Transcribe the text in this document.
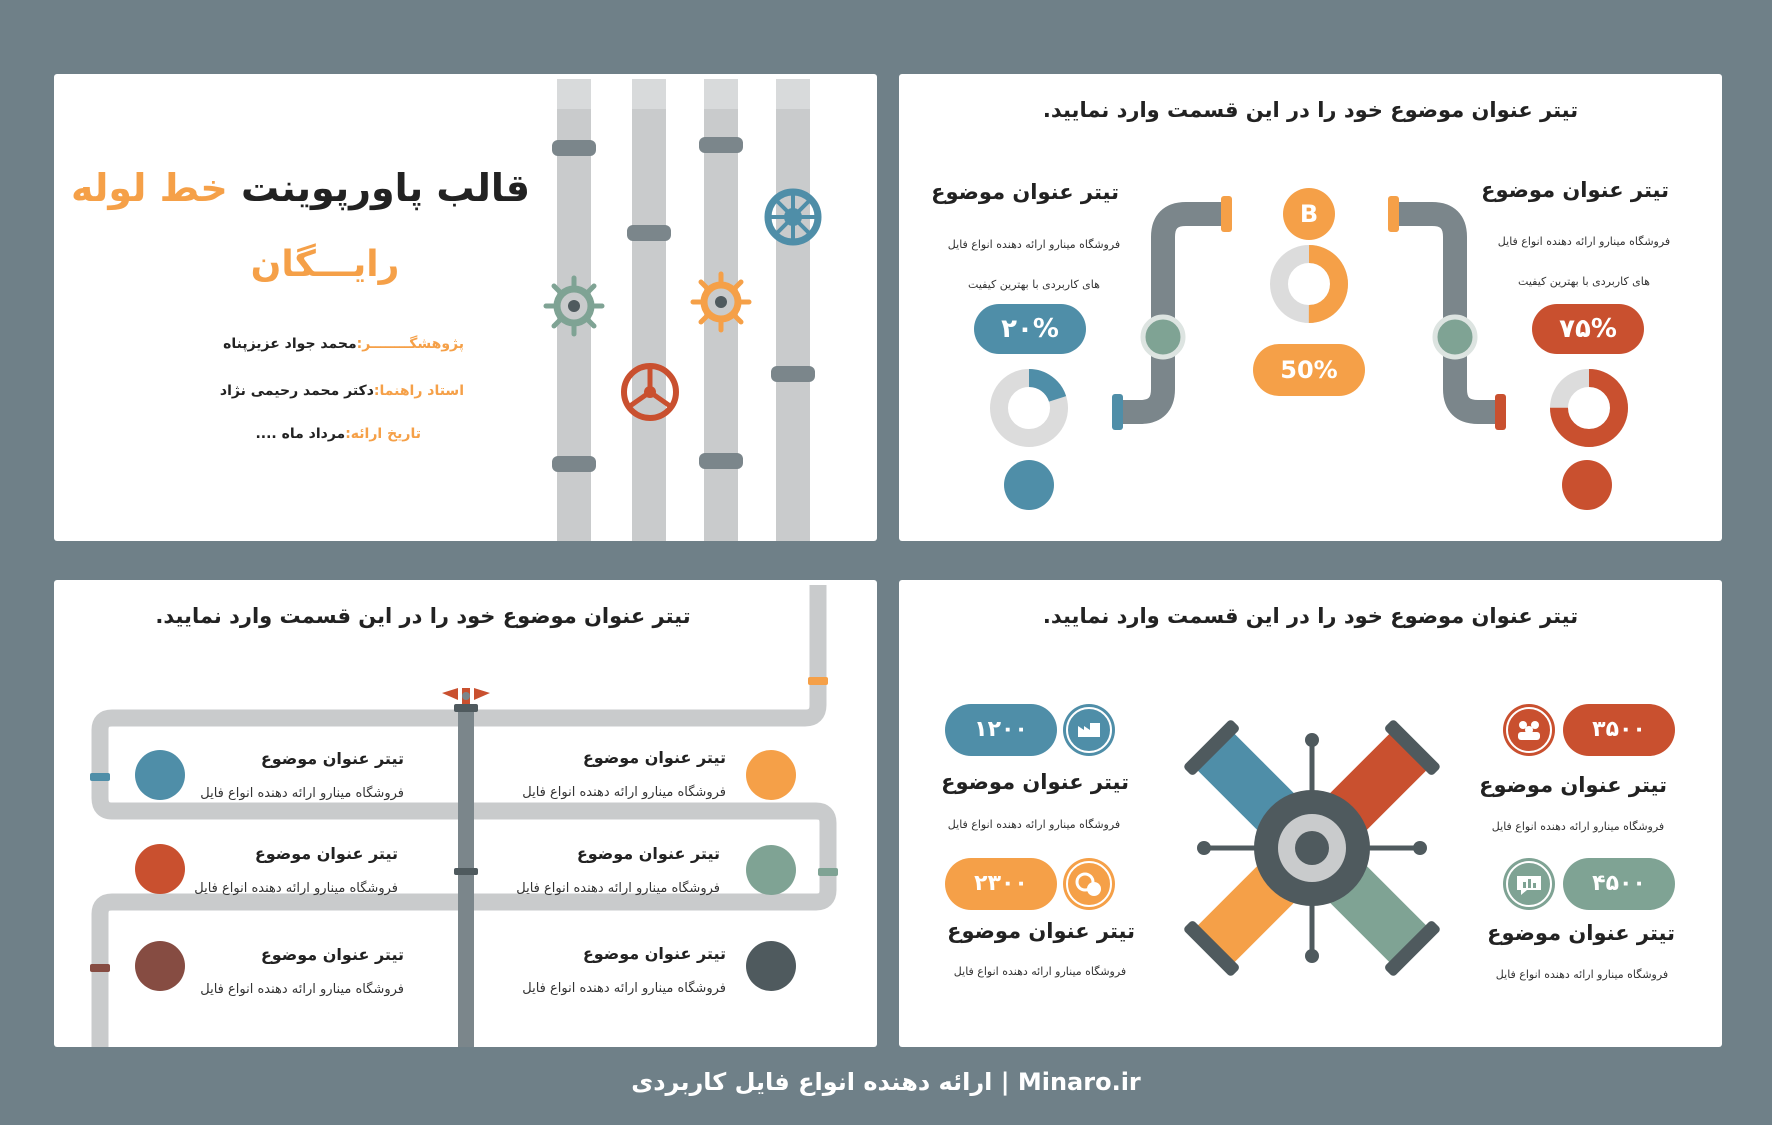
قالب پاورپوینت خط لوله
رایـــگان
پژوهشگــــــــر:محمد جواد عزیزپناه
استاد راهنما:دکتر محمد رحیمی نژاد
تاریخ ارائه:مرداد ماه ....
تیتر عنوان موضوع خود را در این قسمت وارد نمایید.
B
50%
تیتر عنوان موضوع
فروشگاه مینارو ارائه دهنده انواع فایل
های کاربردی با بهترین کیفیت
۲۰%
تیتر عنوان موضوع
فروشگاه مینارو ارائه دهنده انواع فایل
های کاربردی با بهترین کیفیت
۷۵%
تیتر عنوان موضوع خود را در این قسمت وارد نمایید.
تیتر عنوان موضوع
فروشگاه مینارو ارائه دهنده انواع فایل
تیتر عنوان موضوع
فروشگاه مینارو ارائه دهنده انواع فایل
تیتر عنوان موضوع
فروشگاه مینارو ارائه دهنده انواع فایل
تیتر عنوان موضوع
فروشگاه مینارو ارائه دهنده انواع فایل
تیتر عنوان موضوع
فروشگاه مینارو ارائه دهنده انواع فایل
تیتر عنوان موضوع
فروشگاه مینارو ارائه دهنده انواع فایل
تیتر عنوان موضوع خود را در این قسمت وارد نمایید.
۱۲۰۰
تیتر عنوان موضوع
فروشگاه مینارو ارائه دهنده انواع فایل
۲۳۰۰
تیتر عنوان موضوع
فروشگاه مینارو ارائه دهنده انواع فایل
۳۵۰۰
تیتر عنوان موضوع
فروشگاه مینارو ارائه دهنده انواع فایل
۴۵۰۰
تیتر عنوان موضوع
فروشگاه مینارو ارائه دهنده انواع فایل
ارائه دهنده انواع فایل کاربردی | Minaro.ir
